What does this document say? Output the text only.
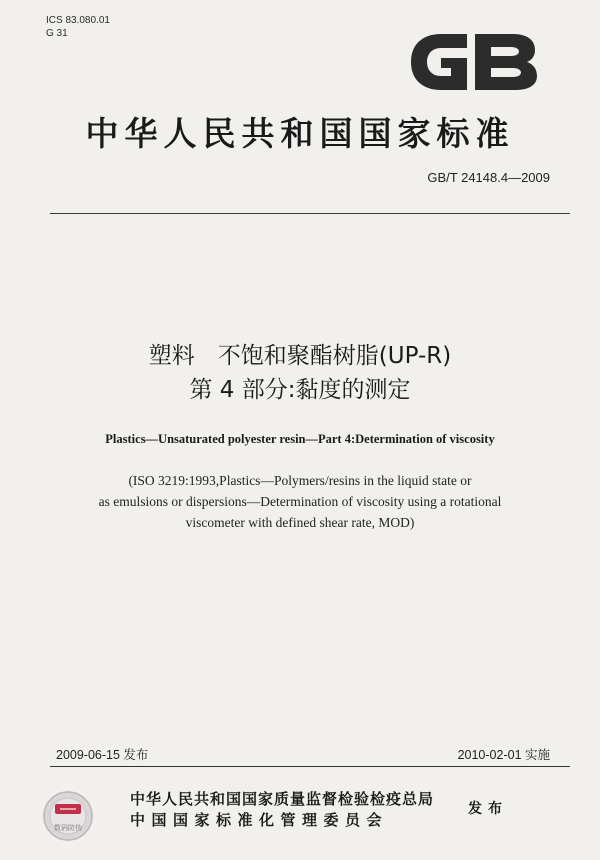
ICS 83.080.01
G 31
中华人民共和国国家标准
GB/T 24148.4—2009
塑料　不饱和聚酯树脂(UP-R)
第 4 部分:黏度的测定
Plastics—Unsaturated polyester resin—Part 4:Determination of viscosity
(ISO 3219:1993,Plastics—Polymers/resins in the liquid state or
as emulsions or dispersions—Determination of viscosity using a rotational
viscometer with defined shear rate, MOD)
2009-06-15 发布	2010-02-01 实施
数码防伪
中华人民共和国国家质量监督检验检疫总局
中国国家标准化管理委员会
发布
